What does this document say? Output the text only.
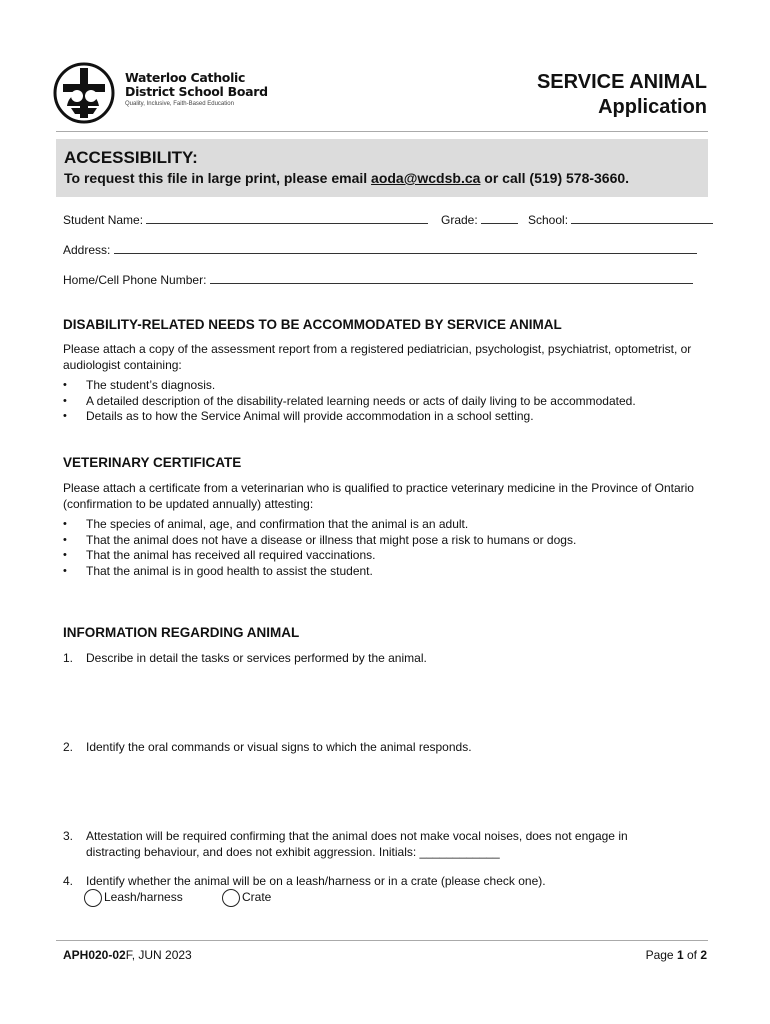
Waterloo Catholic
District School Board
Quality, Inclusive, Faith-Based Education
SERVICE ANIMAL
Application
ACCESSIBILITY:
To request this file in large print, please email aoda@wcdsb.ca or call (519) 578-3660.
Student Name:	Grade:	School:
Address:
Home/Cell Phone Number:
DISABILITY-RELATED NEEDS TO BE ACCOMMODATED BY SERVICE ANIMAL
Please attach a copy of the assessment report from a registered pediatrician, psychologist, psychiatrist, optometrist, or audiologist containing:
• The student’s diagnosis.
• A detailed description of the disability-related learning needs or acts of daily living to be accommodated.
• Details as to how the Service Animal will provide accommodation in a school setting.
VETERINARY CERTIFICATE
Please attach a certificate from a veterinarian who is qualified to practice veterinary medicine in the Province of Ontario (confirmation to be updated annually) attesting:
• The species of animal, age, and confirmation that the animal is an adult.
• That the animal does not have a disease or illness that might pose a risk to humans or dogs.
• That the animal has received all required vaccinations.
• That the animal is in good health to assist the student.
INFORMATION REGARDING ANIMAL
1. Describe in detail the tasks or services performed by the animal.
2. Identify the oral commands or visual signs to which the animal responds.
3. Attestation will be required confirming that the animal does not make vocal noises, does not engage in
distracting behaviour, and does not exhibit aggression. Initials: ____________
4. Identify whether the animal will be on a leash/harness or in a crate (please check one).
Leash/harness	Crate
APH020-02F, JUN 2023	Page 1 of 2
